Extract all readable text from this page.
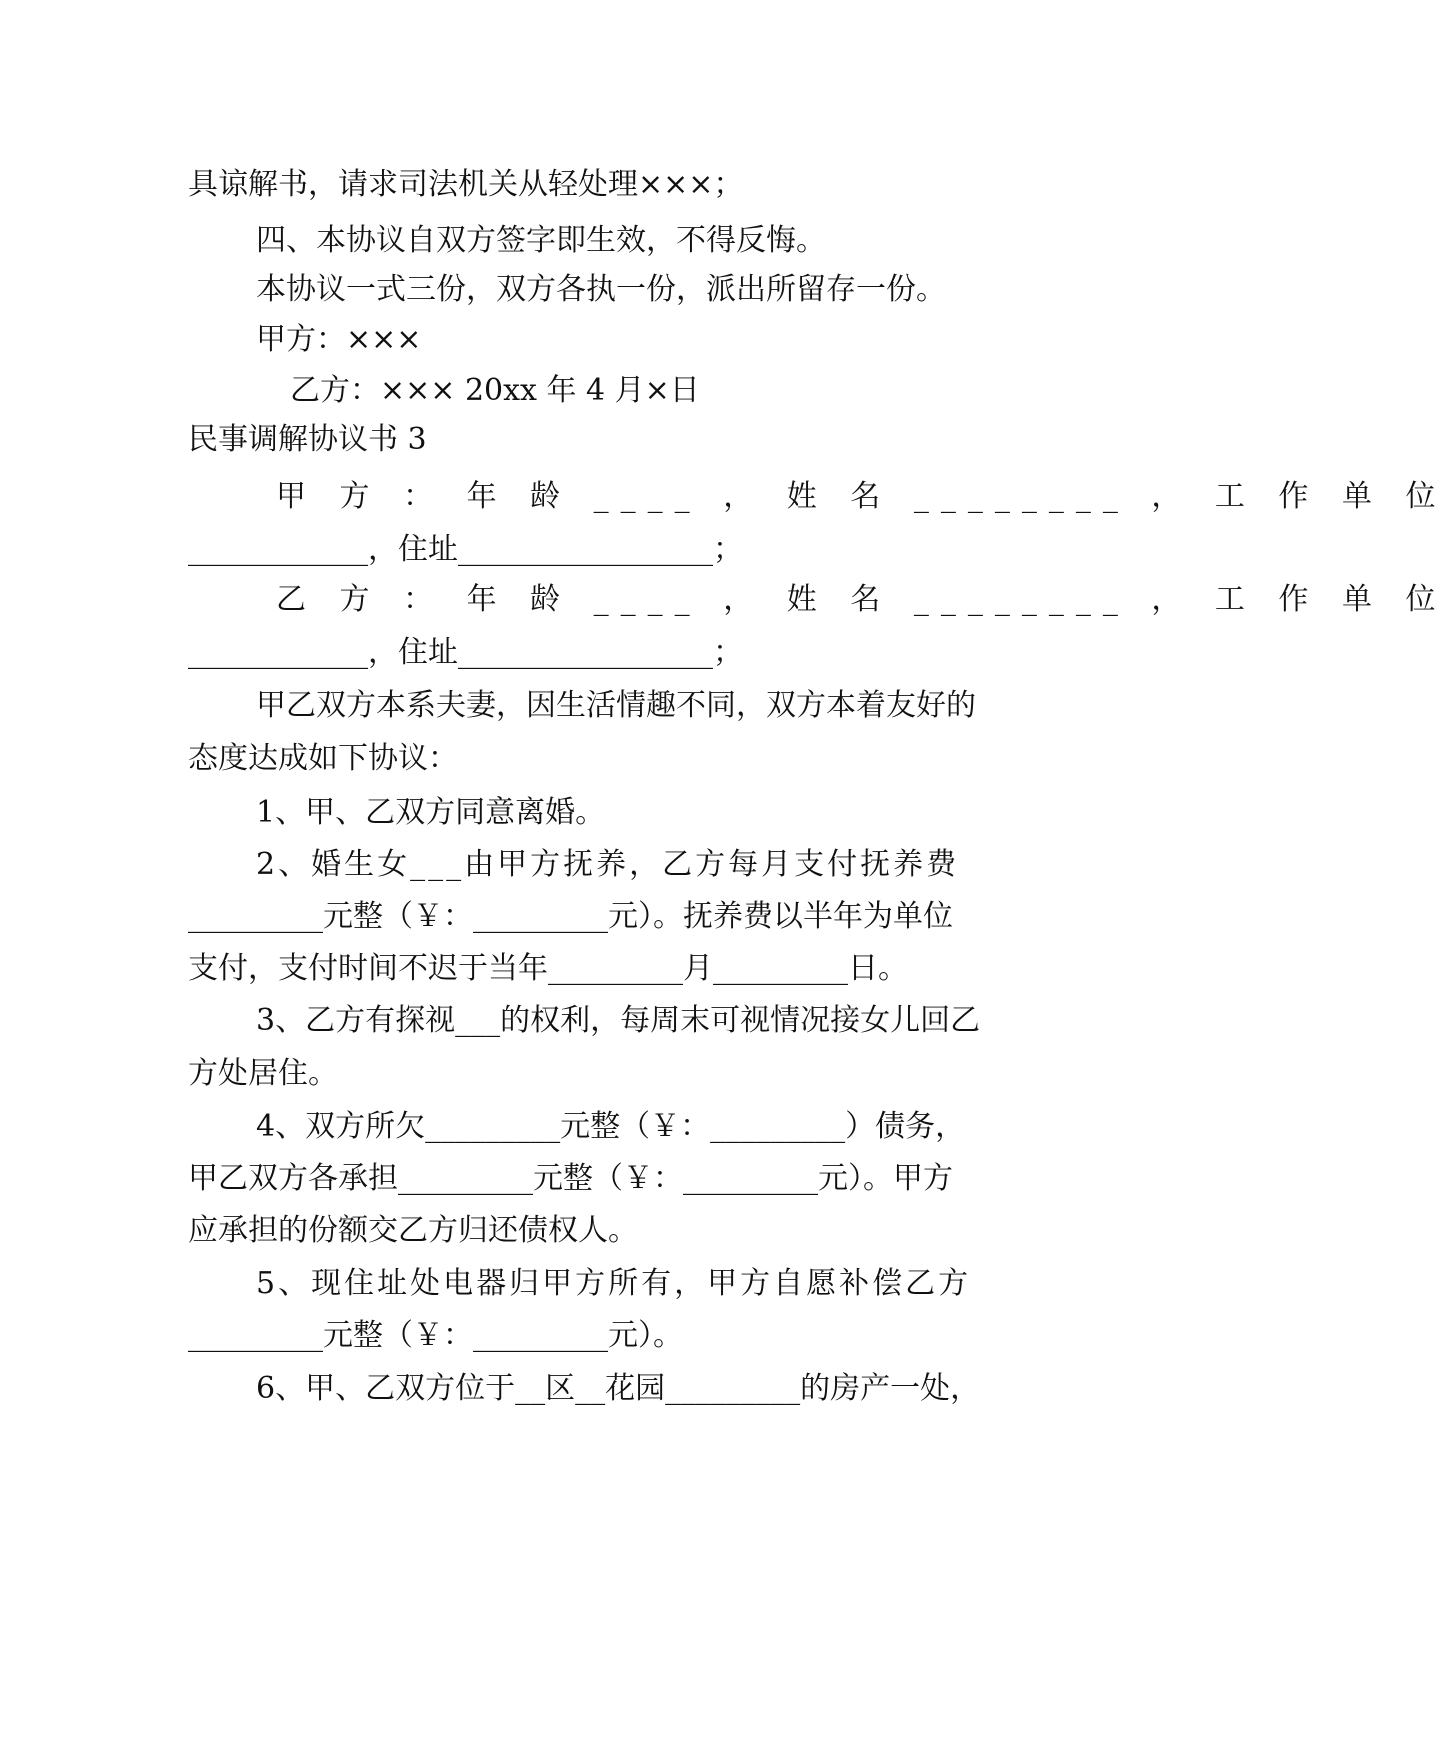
具谅解书，请求司法机关从轻处理×××；
四、本协议自双方签字即生效，不得反悔。
本协议一式三份，双方各执一份，派出所留存一份。
甲方：×××
乙方：××× 20xx 年 4 月×日
民事调解协议书 3
甲 方 ： 年 龄 ____ ， 姓 名 ________ ， 工 作 单 位
____________，住址_________________；
乙 方 ： 年 龄 ____ ， 姓 名 ________ ， 工 作 单 位
____________，住址_________________；
甲乙双方本系夫妻，因生活情趣不同，双方本着友好的
态度达成如下协议：
1、甲、乙双方同意离婚。
2、婚生女___由甲方抚养，乙方每月支付抚养费
_________元整（￥：_________元）。抚养费以半年为单位
支付，支付时间不迟于当年_________月_________日。
3、乙方有探视___的权利，每周末可视情况接女儿回乙
方处居住。
4、双方所欠_________元整（￥：_________）债务，
甲乙双方各承担_________元整（￥：_________元）。甲方
应承担的份额交乙方归还债权人。
5、现住址处电器归甲方所有，甲方自愿补偿乙方
_________元整（￥：_________元）。
6、甲、乙双方位于__区__花园_________的房产一处，
